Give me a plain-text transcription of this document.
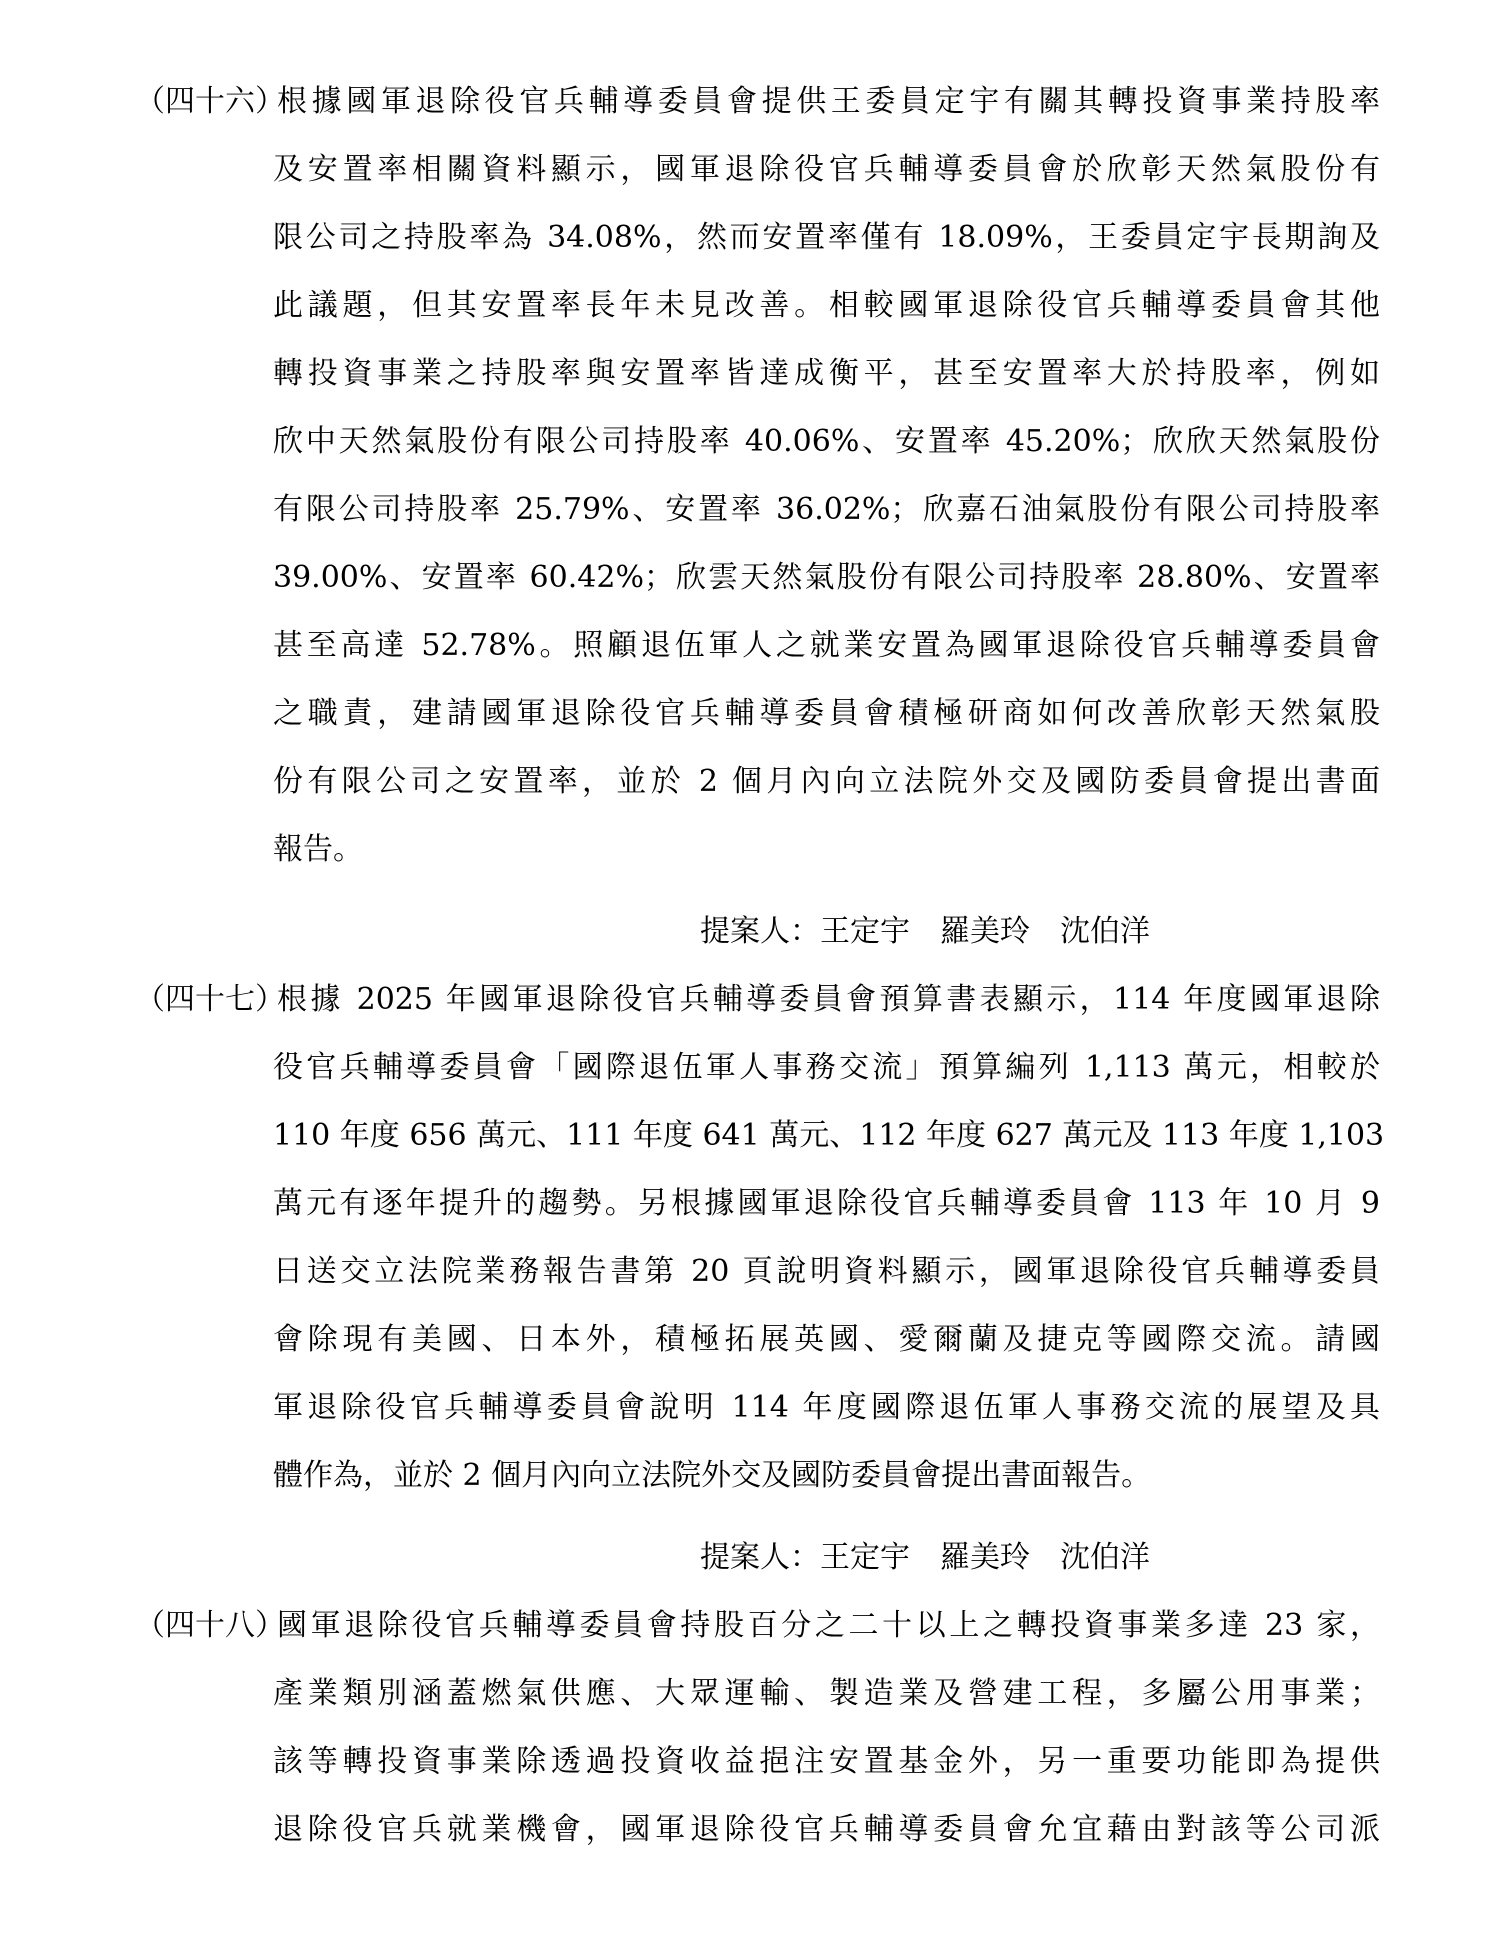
（四十六）
根據國軍退除役官兵輔導委員會提供王委員定宇有關其轉投資事業持股率
及安置率相關資料顯示，國軍退除役官兵輔導委員會於欣彰天然氣股份有
限公司之持股率為 34.08%，然而安置率僅有 18.09%，王委員定宇長期詢及
此議題，但其安置率長年未見改善。相較國軍退除役官兵輔導委員會其他
轉投資事業之持股率與安置率皆達成衡平，甚至安置率大於持股率，例如
欣中天然氣股份有限公司持股率 40.06%、安置率 45.20%；欣欣天然氣股份
有限公司持股率 25.79%、安置率 36.02%；欣嘉石油氣股份有限公司持股率
39.00%、安置率 60.42%；欣雲天然氣股份有限公司持股率 28.80%、安置率
甚至高達 52.78%。照顧退伍軍人之就業安置為國軍退除役官兵輔導委員會
之職責，建請國軍退除役官兵輔導委員會積極研商如何改善欣彰天然氣股
份有限公司之安置率，並於 2 個月內向立法院外交及國防委員會提出書面
報告。
提案人：王定宇　羅美玲　沈伯洋
（四十七）
根據 2025 年國軍退除役官兵輔導委員會預算書表顯示，114 年度國軍退除
役官兵輔導委員會「國際退伍軍人事務交流」預算編列 1,113 萬元，相較於
110 年度 656 萬元、111 年度 641 萬元、112 年度 627 萬元及 113 年度 1,103
萬元有逐年提升的趨勢。另根據國軍退除役官兵輔導委員會 113 年 10 月 9
日送交立法院業務報告書第 20 頁說明資料顯示，國軍退除役官兵輔導委員
會除現有美國、日本外，積極拓展英國、愛爾蘭及捷克等國際交流。請國
軍退除役官兵輔導委員會說明 114 年度國際退伍軍人事務交流的展望及具
體作為，並於 2 個月內向立法院外交及國防委員會提出書面報告。
提案人：王定宇　羅美玲　沈伯洋
（四十八）
國軍退除役官兵輔導委員會持股百分之二十以上之轉投資事業多達 23 家，
產業類別涵蓋燃氣供應、大眾運輸、製造業及營建工程，多屬公用事業；
該等轉投資事業除透過投資收益挹注安置基金外，另一重要功能即為提供
退除役官兵就業機會，國軍退除役官兵輔導委員會允宜藉由對該等公司派
